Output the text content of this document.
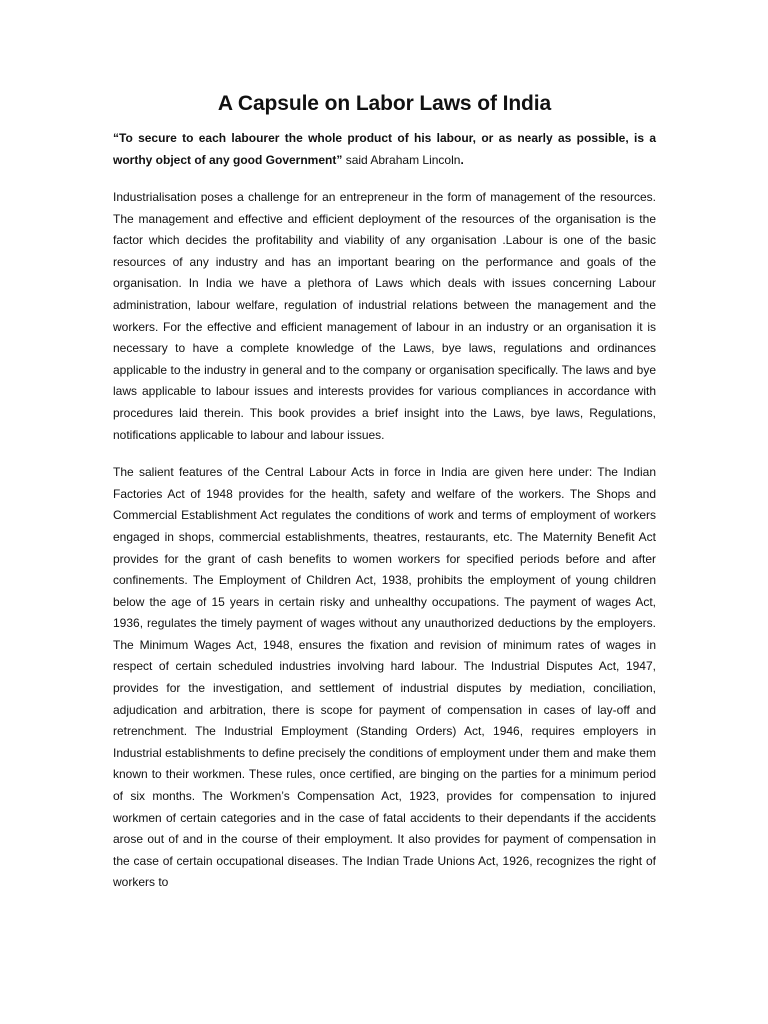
A Capsule on Labor Laws of India

“To secure to each labourer the whole product of his labour, or as nearly as possible, is a worthy object of any good Government” said Abraham Lincoln.

Industrialisation poses a challenge for an entrepreneur in the form of management of the resources. The management and effective and efficient deployment of the resources of the organisation is the factor which decides the profitability and viability of any organisation .Labour is one of the basic resources of any industry and has an important bearing on the performance and goals of the organisation. In India we have a plethora of Laws which deals with issues concerning Labour administration, labour welfare, regulation of industrial relations between the management and the workers. For the effective and efficient management of labour in an industry or an organisation it is necessary to have a complete knowledge of the Laws, bye laws, regulations and ordinances applicable to the industry in general and to the company or organisation specifically. The laws and bye laws applicable to labour issues and interests provides for various compliances in accordance with procedures laid therein. This book provides a brief insight into the Laws, bye laws, Regulations, notifications applicable to labour and labour issues.

The salient features of the Central Labour Acts in force in India are given here under: The Indian Factories Act of 1948 provides for the health, safety and welfare of the workers. The Shops and Commercial Establishment Act regulates the conditions of work and terms of employment of workers engaged in shops, commercial establishments, theatres, restaurants, etc. The Maternity Benefit Act provides for the grant of cash benefits to women workers for specified periods before and after confinements. The Employment of Children Act, 1938, prohibits the employment of young children below the age of 15 years in certain risky and unhealthy occupations. The payment of wages Act, 1936, regulates the timely payment of wages without any unauthorized deductions by the employers. The Minimum Wages Act, 1948, ensures the fixation and revision of minimum rates of wages in respect of certain scheduled industries involving hard labour. The Industrial Disputes Act, 1947, provides for the investigation, and settlement of industrial disputes by mediation, conciliation, adjudication and arbitration, there is scope for payment of compensation in cases of lay-off and retrenchment. The Industrial Employment (Standing Orders) Act, 1946, requires employers in Industrial establishments to define precisely the conditions of employment under them and make them known to their workmen. These rules, once certified, are binging on the parties for a minimum period of six months. The Workmen’s Compensation Act, 1923, provides for compensation to injured workmen of certain categories and in the case of fatal accidents to their dependants if the accidents arose out of and in the course of their employment. It also provides for payment of compensation in the case of certain occupational diseases. The Indian Trade Unions Act, 1926, recognizes the right of workers to
